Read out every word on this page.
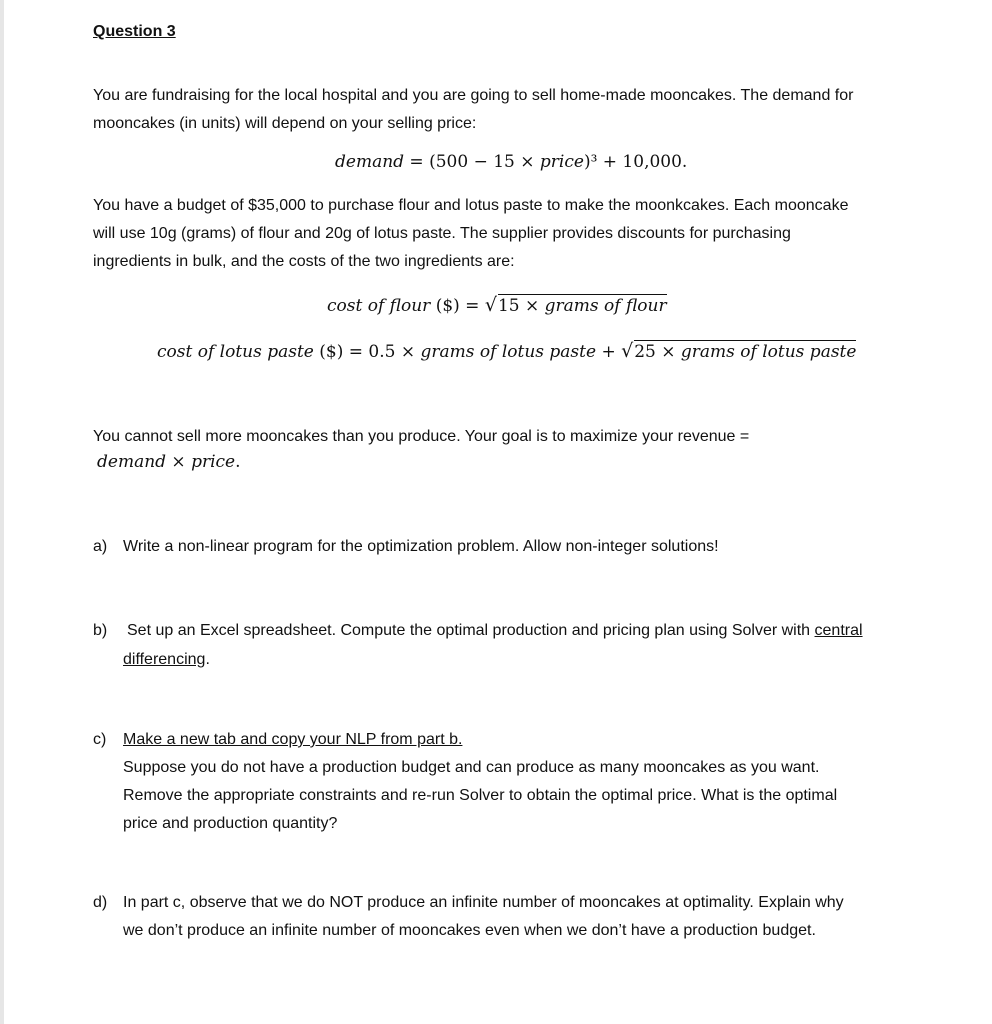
Question 3
You are fundraising for the local hospital and you are going to sell home-made mooncakes. The demand for
mooncakes (in units) will depend on your selling price:
demand = (500 − 15 × price)³ + 10,000.
You have a budget of $35,000 to purchase flour and lotus paste to make the moonkcakes. Each mooncake
will use 10g (grams) of flour and 20g of lotus paste. The supplier provides discounts for purchasing
ingredients in bulk, and the costs of the two ingredients are:
cost of flour ($) = √15 × grams of flour
cost of lotus paste ($) = 0.5 × grams of lotus paste + √25 × grams of lotus paste
You cannot sell more mooncakes than you produce. Your goal is to maximize your revenue =
demand × price.
a) Write a non-linear program for the optimization problem. Allow non-integer solutions!
b) Set up an Excel spreadsheet. Compute the optimal production and pricing plan using Solver with central
differencing.
c) Make a new tab and copy your NLP from part b.
Suppose you do not have a production budget and can produce as many mooncakes as you want.
Remove the appropriate constraints and re-run Solver to obtain the optimal price. What is the optimal
price and production quantity?
d) In part c, observe that we do NOT produce an infinite number of mooncakes at optimality. Explain why
we don’t produce an infinite number of mooncakes even when we don’t have a production budget.
